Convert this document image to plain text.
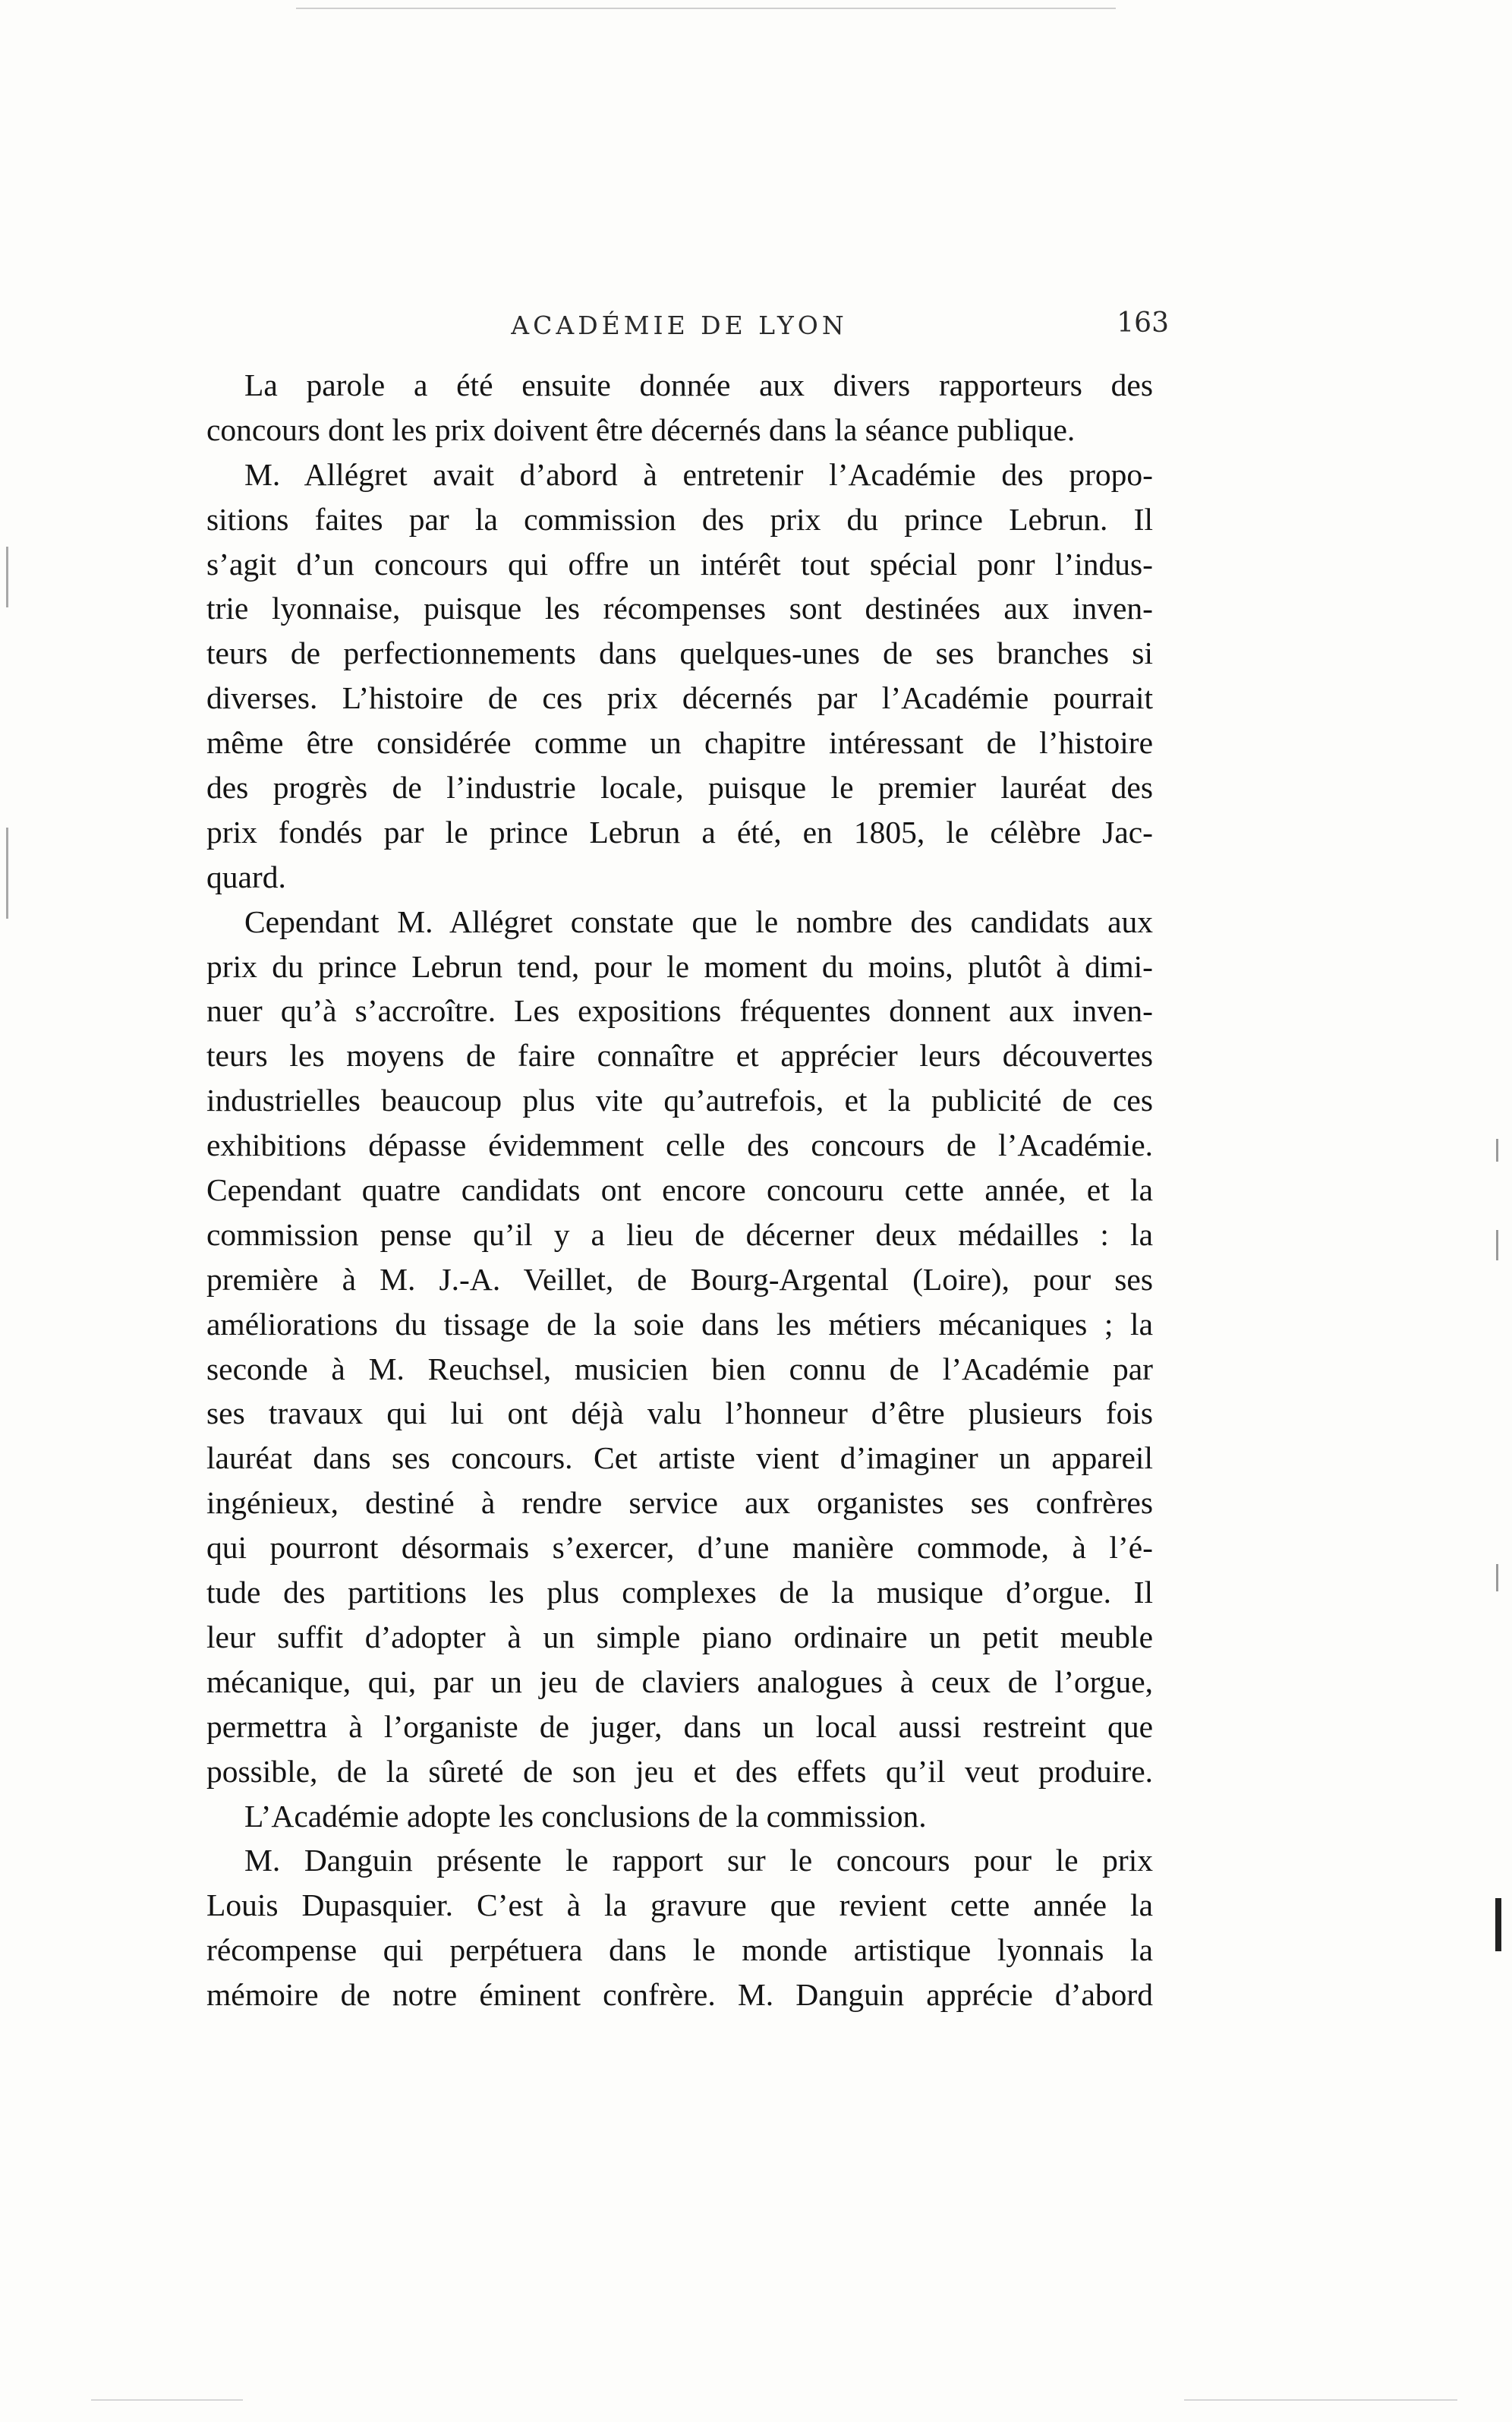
ACADÉMIE DE LYON	163
La parole a été ensuite donnée aux divers rapporteurs des
concours dont les prix doivent être décernés dans la séance publique.
M. Allégret avait d’abord à entretenir l’Académie des propo-
sitions faites par la commission des prix du prince Lebrun. Il
s’agit d’un concours qui offre un intérêt tout spécial ponr l’indus-
trie lyonnaise, puisque les récompenses sont destinées aux inven-
teurs de perfectionnements dans quelques-unes de ses branches si
diverses. L’histoire de ces prix décernés par l’Académie pourrait
même être considérée comme un chapitre intéressant de l’histoire
des progrès de l’industrie locale, puisque le premier lauréat des
prix fondés par le prince Lebrun a été, en 1805, le célèbre Jac-
quard.
Cependant M. Allégret constate que le nombre des candidats aux
prix du prince Lebrun tend, pour le moment du moins, plutôt à dimi-
nuer qu’à s’accroître. Les expositions fréquentes donnent aux inven-
teurs les moyens de faire connaître et apprécier leurs découvertes
industrielles beaucoup plus vite qu’autrefois, et la publicité de ces
exhibitions dépasse évidemment celle des concours de l’Académie.
Cependant quatre candidats ont encore concouru cette année, et la
commission pense qu’il y a lieu de décerner deux médailles : la
première à M. J.-A. Veillet, de Bourg-Argental (Loire), pour ses
améliorations du tissage de la soie dans les métiers mécaniques ; la
seconde à M. Reuchsel, musicien bien connu de l’Académie par
ses travaux qui lui ont déjà valu l’honneur d’être plusieurs fois
lauréat dans ses concours. Cet artiste vient d’imaginer un appareil
ingénieux, destiné à rendre service aux organistes ses confrères
qui pourront désormais s’exercer, d’une manière commode, à l’é-
tude des partitions les plus complexes de la musique d’orgue. Il
leur suffit d’adopter à un simple piano ordinaire un petit meuble
mécanique, qui, par un jeu de claviers analogues à ceux de l’orgue,
permettra à l’organiste de juger, dans un local aussi restreint que
possible, de la sûreté de son jeu et des effets qu’il veut produire.
L’Académie adopte les conclusions de la commission.
M. Danguin présente le rapport sur le concours pour le prix
Louis Dupasquier. C’est à la gravure que revient cette année la
récompense qui perpétuera dans le monde artistique lyonnais la
mémoire de notre éminent confrère. M. Danguin apprécie d’abord
